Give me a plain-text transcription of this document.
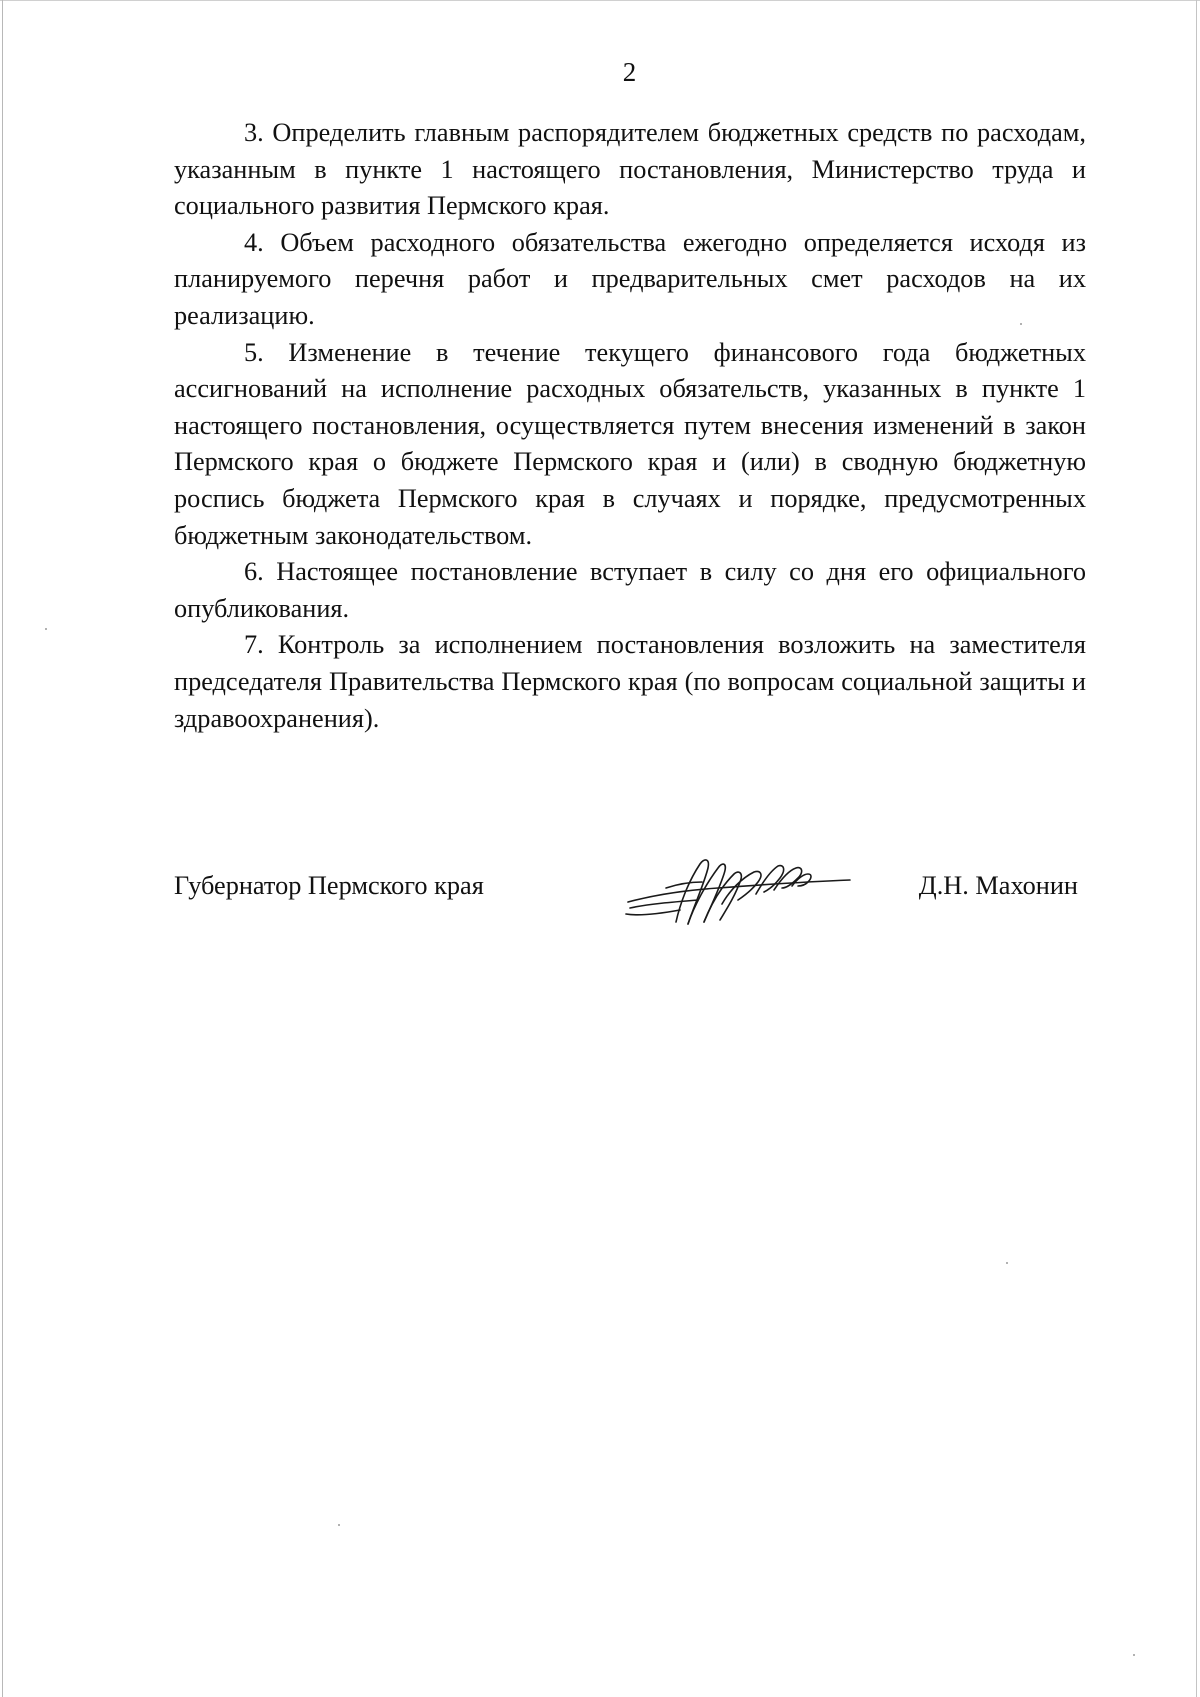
2

3. Определить главным распорядителем бюджетных средств по расходам, указанным в пункте 1 настоящего постановления, Министерство труда и социального развития Пермского края.

4. Объем расходного обязательства ежегодно определяется исходя из планируемого перечня работ и предварительных смет расходов на их реализацию.

5. Изменение в течение текущего финансового года бюджетных ассигнований на исполнение расходных обязательств, указанных в пункте 1 настоящего постановления, осуществляется путем внесения изменений в закон Пермского края о бюджете Пермского края и (или) в сводную бюджетную роспись бюджета Пермского края в случаях и порядке, предусмотренных бюджетным законодательством.

6. Настоящее постановление вступает в силу со дня его официального опубликования.

7. Контроль за исполнением постановления возложить на заместителя председателя Правительства Пермского края (по вопросам социальной защиты и здравоохранения).

Губернатор Пермского края	Д.Н. Махонин
